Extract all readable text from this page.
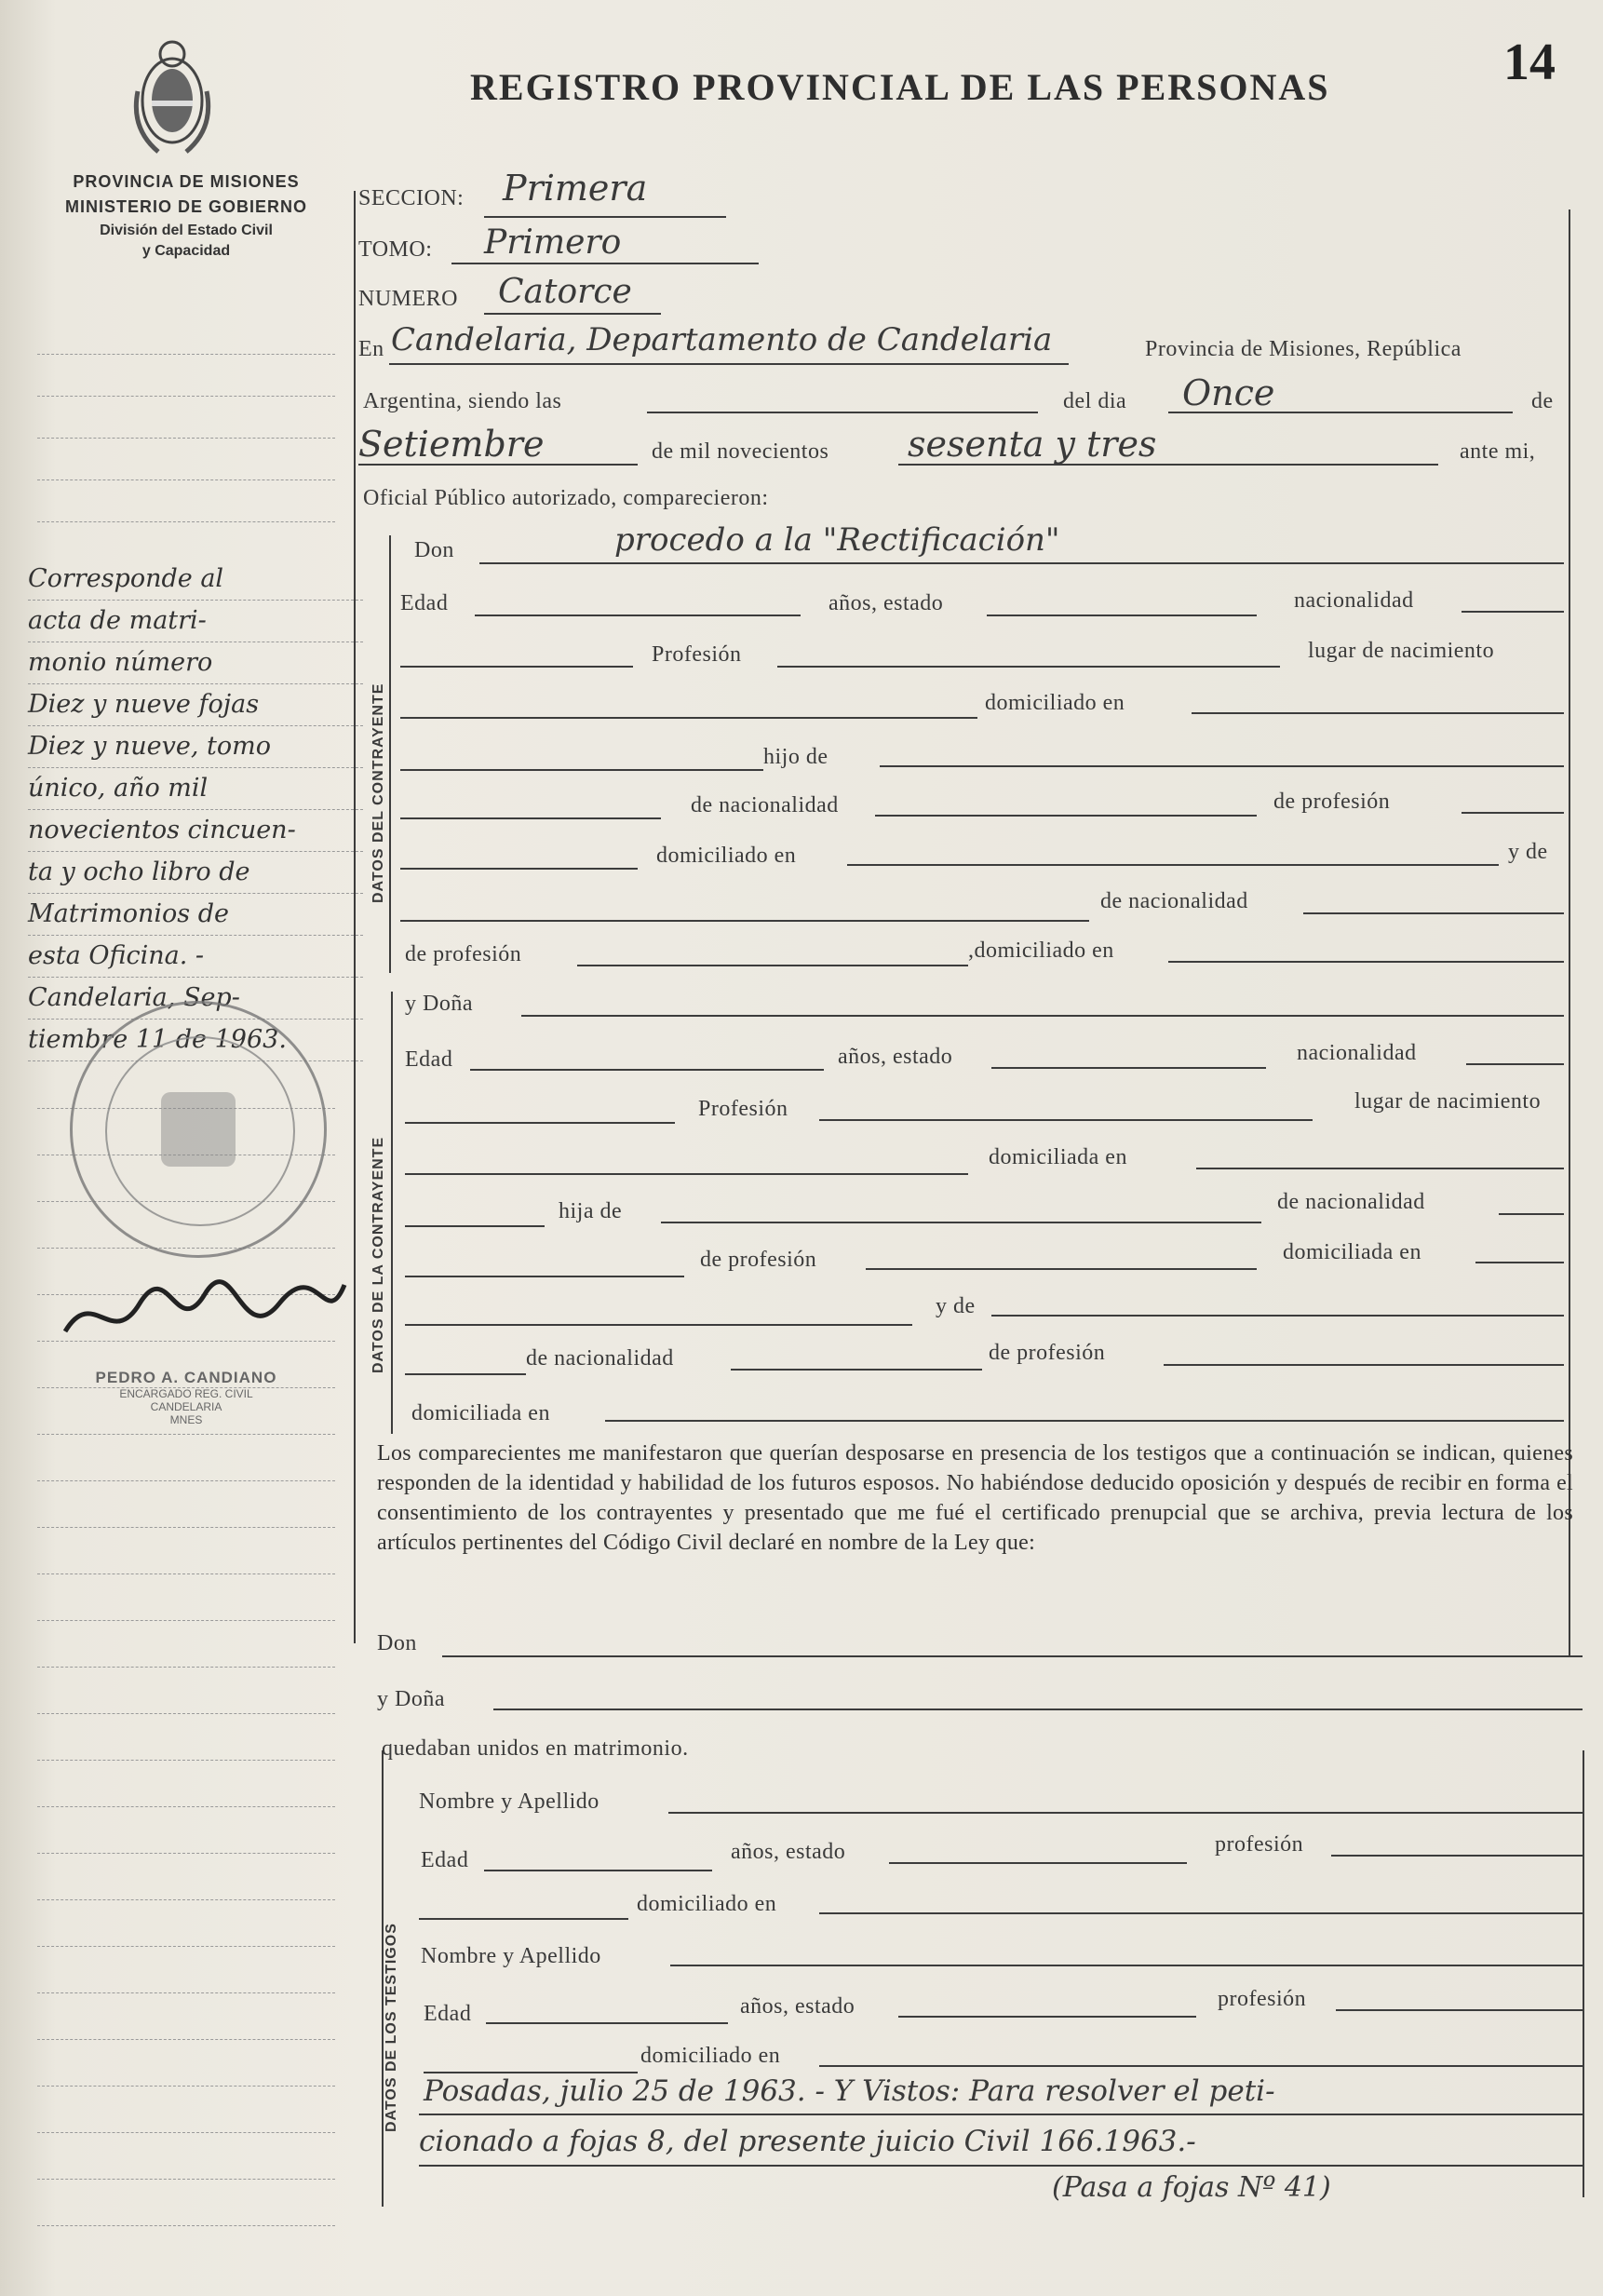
PROVINCIA DE MISIONES
MINISTERIO DE GOBIERNO
División del Estado Civil
y Capacidad
REGISTRO PROVINCIAL DE LAS PERSONAS	14
Corresponde al
acta de matri-
monio número
Diez y nueve fojas
Diez y nueve, tomo
único, año mil
novecientos cincuen-
ta y ocho libro de
Matrimonios de
esta Oficina. -
Candelaria, Sep-
tiembre 11 de 1963.
PEDRO A. CANDIANO
ENCARGADO REG. CIVIL
CANDELARIA
MNES
SECCION: Primera
TOMO: Primero
NUMERO Catorce
En Candelaria, Departamento de Candelaria	Provincia de Misiones, República
Argentina, siendo las	del dia Once	de
Setiembre	de mil novecientos sesenta y tres	ante mi,
Oficial Público autorizado, comparecieron:
DATOS DEL CONTRAYENTE
Don	procedo a la "Rectificación"
Edad	años, estado	nacionalidad
Profesión	lugar de nacimiento
domiciliado en
hijo de
de nacionalidad	de profesión
domiciliado en	y de
de nacionalidad
de profesión	,domiciliado en
DATOS DE LA CONTRAYENTE
y Doña
Edad	años, estado	nacionalidad
Profesión	lugar de nacimiento
domiciliada en
hija de	de nacionalidad
de profesión	domiciliada en
y de
de nacionalidad	de profesión
domiciliada en
Los comparecientes me manifestaron que querían desposarse en presencia de los testigos que a continuación se indican, quienes responden de la identidad y habilidad de los futuros esposos. No habiéndose deducido oposición y después de recibir en forma el consentimiento de los contrayentes y presentado que me fué el certificado prenupcial que se archiva, previa lectura de los artículos pertinentes del Código Civil declaré en nombre de la Ley que:
Don
y Doña
quedaban unidos en matrimonio.
DATOS DE LOS TESTIGOS
Nombre y Apellido
Edad	años, estado	profesión
domiciliado en
Nombre y Apellido
Edad	años, estado	profesión
domiciliado en
Posadas, julio 25 de 1963. - Y Vistos: Para resolver el peti-
cionado a fojas 8, del presente juicio Civil 166.1963.-
(Pasa a fojas Nº 41)
